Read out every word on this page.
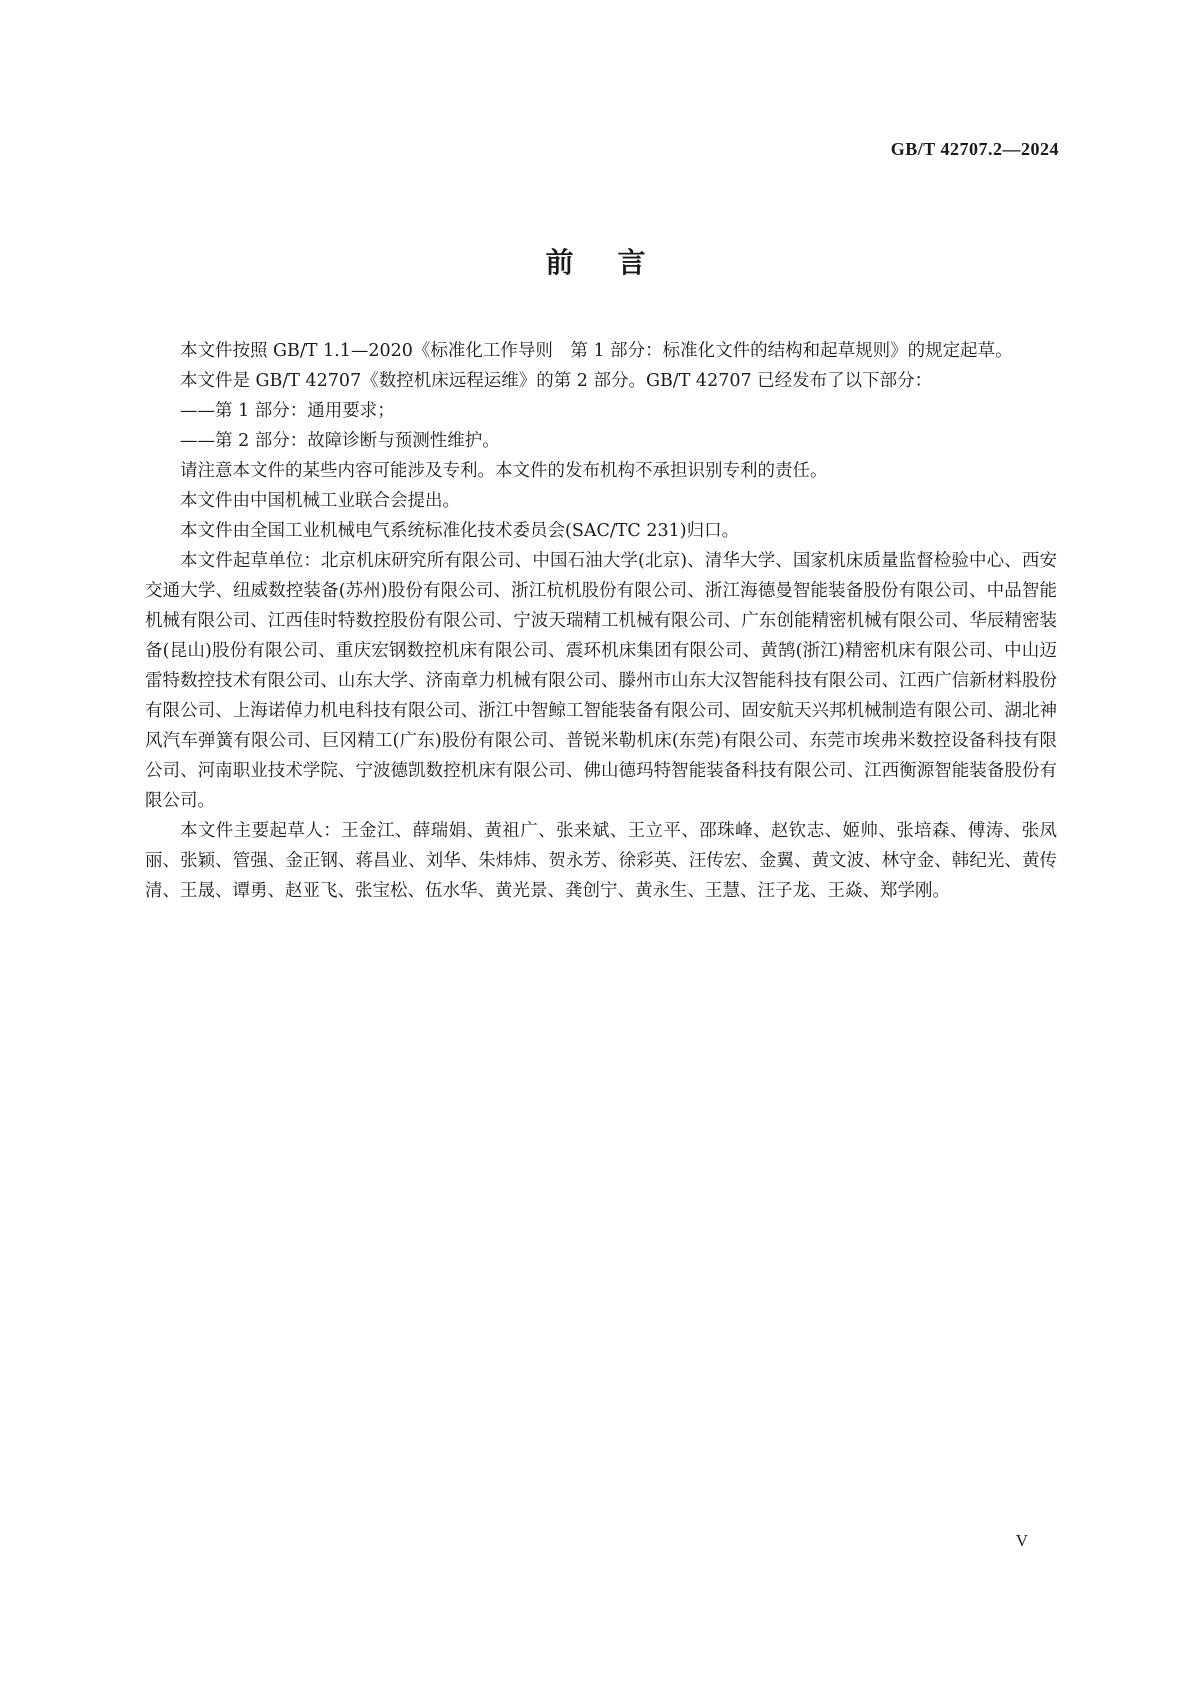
GB/T 42707.2—2024
前言

本文件按照 GB/T 1.1—2020《标准化工作导则　第 1 部分：标准化文件的结构和起草规则》的规定起草。

本文件是 GB/T 42707《数控机床远程运维》的第 2 部分。GB/T 42707 已经发布了以下部分：

——第 1 部分：通用要求；

——第 2 部分：故障诊断与预测性维护。

请注意本文件的某些内容可能涉及专利。本文件的发布机构不承担识别专利的责任。

本文件由中国机械工业联合会提出。

本文件由全国工业机械电气系统标准化技术委员会(SAC/TC 231)归口。

本文件起草单位：北京机床研究所有限公司、中国石油大学(北京)、清华大学、国家机床质量监督检验中心、西安交通大学、纽威数控装备(苏州)股份有限公司、浙江杭机股份有限公司、浙江海德曼智能装备股份有限公司、中品智能机械有限公司、江西佳时特数控股份有限公司、宁波天瑞精工机械有限公司、广东创能精密机械有限公司、华辰精密装备(昆山)股份有限公司、重庆宏钢数控机床有限公司、震环机床集团有限公司、黄鹄(浙江)精密机床有限公司、中山迈雷特数控技术有限公司、山东大学、济南章力机械有限公司、滕州市山东大汉智能科技有限公司、江西广信新材料股份有限公司、上海诺倬力机电科技有限公司、浙江中智鲸工智能装备有限公司、固安航天兴邦机械制造有限公司、湖北神风汽车弹簧有限公司、巨冈精工(广东)股份有限公司、普锐米勒机床(东莞)有限公司、东莞市埃弗米数控设备科技有限公司、河南职业技术学院、宁波德凯数控机床有限公司、佛山德玛特智能装备科技有限公司、江西衡源智能装备股份有限公司。

本文件主要起草人：王金江、薛瑞娟、黄祖广、张来斌、王立平、邵珠峰、赵钦志、姬帅、张培森、傅涛、张凤丽、张颖、管强、金正钢、蒋昌业、刘华、朱炜炜、贺永芳、徐彩英、汪传宏、金翼、黄文波、林守金、韩纪光、黄传清、王晟、谭勇、赵亚飞、张宝松、伍水华、黄光景、龚创宁、黄永生、王慧、汪子龙、王焱、郑学刚。

V
